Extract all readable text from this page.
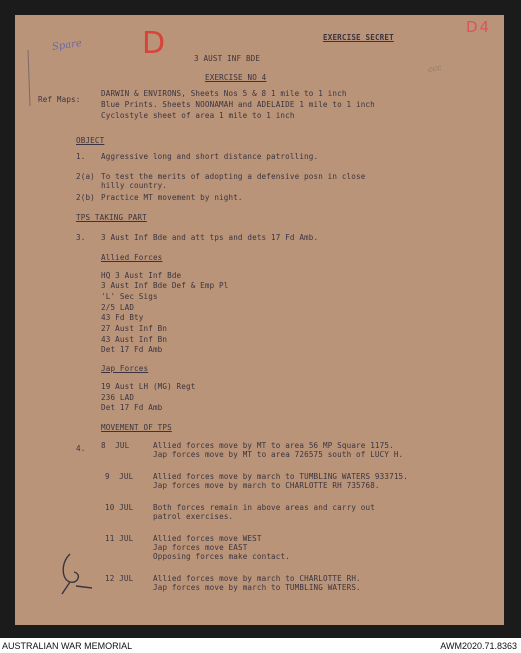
Spare D	D4
ccc
EXERCISE SECRET
3 AUST INF BDE
EXERCISE NO 4
Ref Maps:
DARWIN & ENVIRONS, Sheets Nos 5 & 8 1 mile to 1 inch
Blue Prints. Sheets NOONAMAH and ADELAIDE 1 mile to 1 inch
Cyclostyle sheet of area 1 mile to 1 inch
OBJECT
1. Aggressive long and short distance patrolling.
2(a) To test the merits of adopting a defensive posn in close
hilly country.
2(b) Practice MT movement by night.
TPS TAKING PART
3. 3 Aust Inf Bde and att tps and dets 17 Fd Amb.
Allied Forces
HQ 3 Aust Inf Bde
3 Aust Inf Bde Def & Emp Pl
'L' Sec Sigs
2/5 LAD
43 Fd Bty
27 Aust Inf Bn
43 Aust Inf Bn
Det 17 Fd Amb
Jap Forces
19 Aust LH (MG) Regt
236 LAD
Det 17 Fd Amb
MOVEMENT OF TPS
4. 8  JUL	Allied forces move by MT to area 56 MP Square 1175.
Jap forces move by MT to area 726575 south of LUCY H.
9  JUL	Allied forces move by march to TUMBLING WATERS 933715.
Jap forces move by march to CHARLOTTE RH 735768.
10 JUL	Both forces remain in above areas and carry out
patrol exercises.
11 JUL	Allied forces move WEST
Jap forces move EAST
Opposing forces make contact.
12 JUL	Allied forces move by march to CHARLOTTE RH.
Jap forces move by march to TUMBLING WATERS.
AUSTRALIAN WAR MEMORIAL	AWM2020.71.8363
